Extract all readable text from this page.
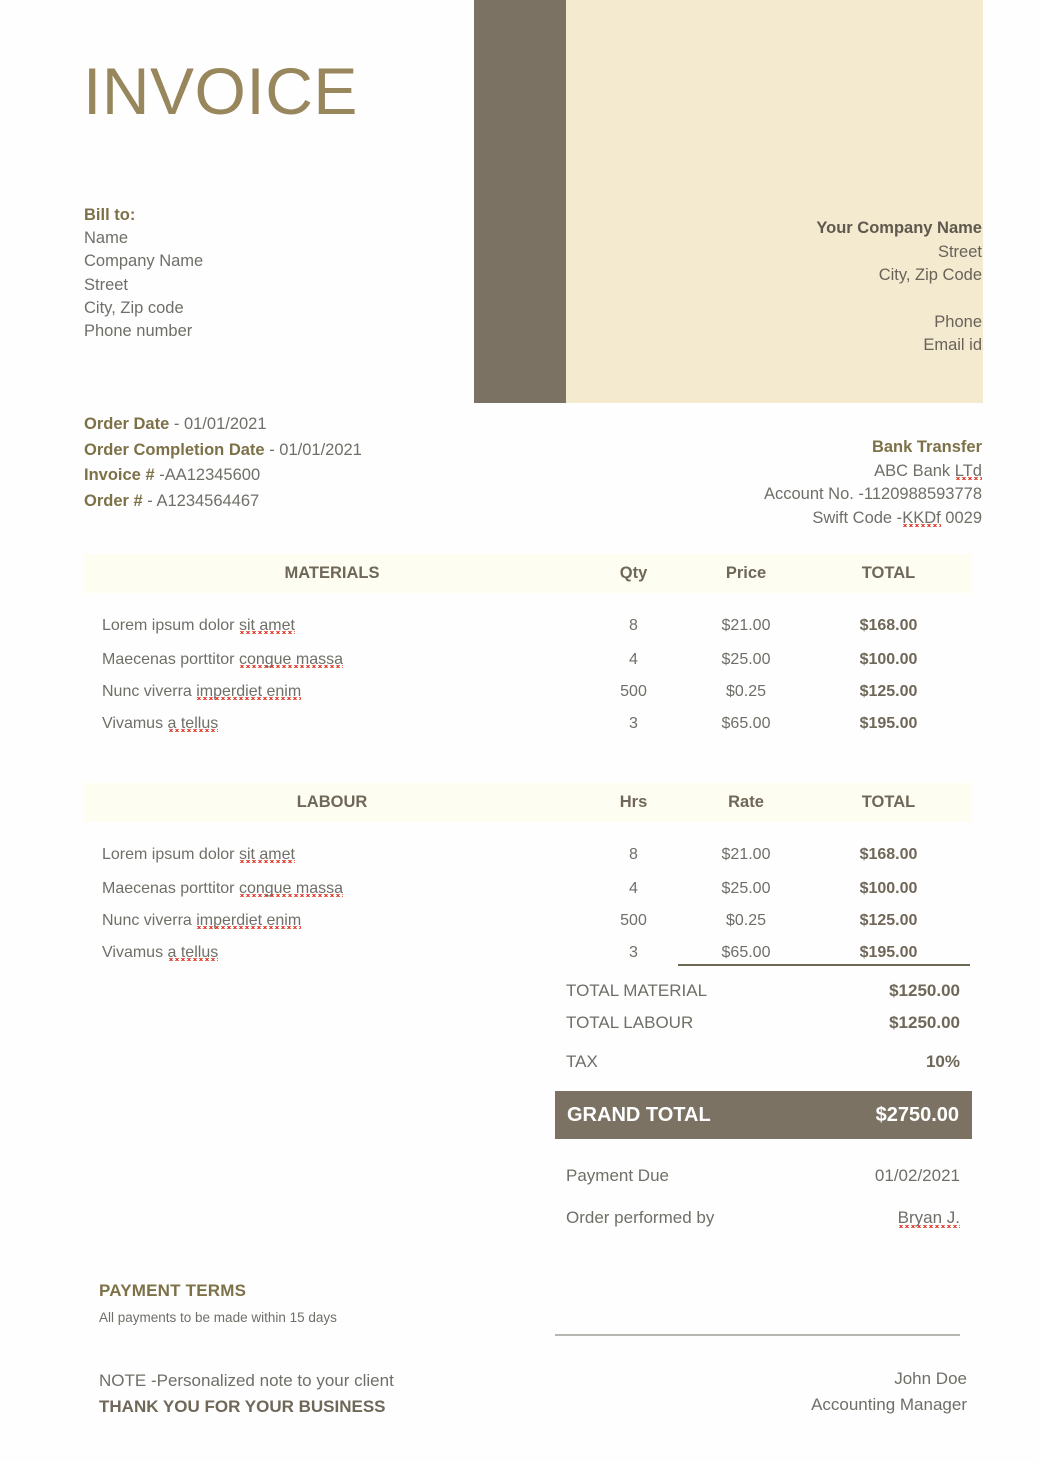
INVOICE
Bill to:
Name
Company Name
Street
City, Zip code
Phone number
Your Company Name
Street
City, Zip Code
Phone
Email id
Order Date - 01/01/2021
Order Completion Date - 01/01/2021
Invoice # -AA12345600
Order # - A1234564467
Bank Transfer
ABC Bank LTd
Account No. -1120988593778
Swift Code -KKDf 0029
MATERIALS	Qty	Price	TOTAL
Lorem ipsum dolor sit amet	8	$21.00	$168.00
Maecenas porttitor congue massa	4	$25.00	$100.00
Nunc viverra imperdiet enim	500	$0.25	$125.00
Vivamus a tellus	3	$65.00	$195.00
LABOUR	Hrs	Rate	TOTAL
Lorem ipsum dolor sit amet	8	$21.00	$168.00
Maecenas porttitor congue massa	4	$25.00	$100.00
Nunc viverra imperdiet enim	500	$0.25	$125.00
Vivamus a tellus	3	$65.00	$195.00
TOTAL MATERIAL	$1250.00
TOTAL LABOUR	$1250.00
TAX	10%
GRAND TOTAL	$2750.00
Payment Due	01/02/2021
Order performed by	Bryan J.
PAYMENT TERMS
All payments to be made within 15 days
NOTE -Personalized note to your client
THANK YOU FOR YOUR BUSINESS
John Doe
Accounting Manager
